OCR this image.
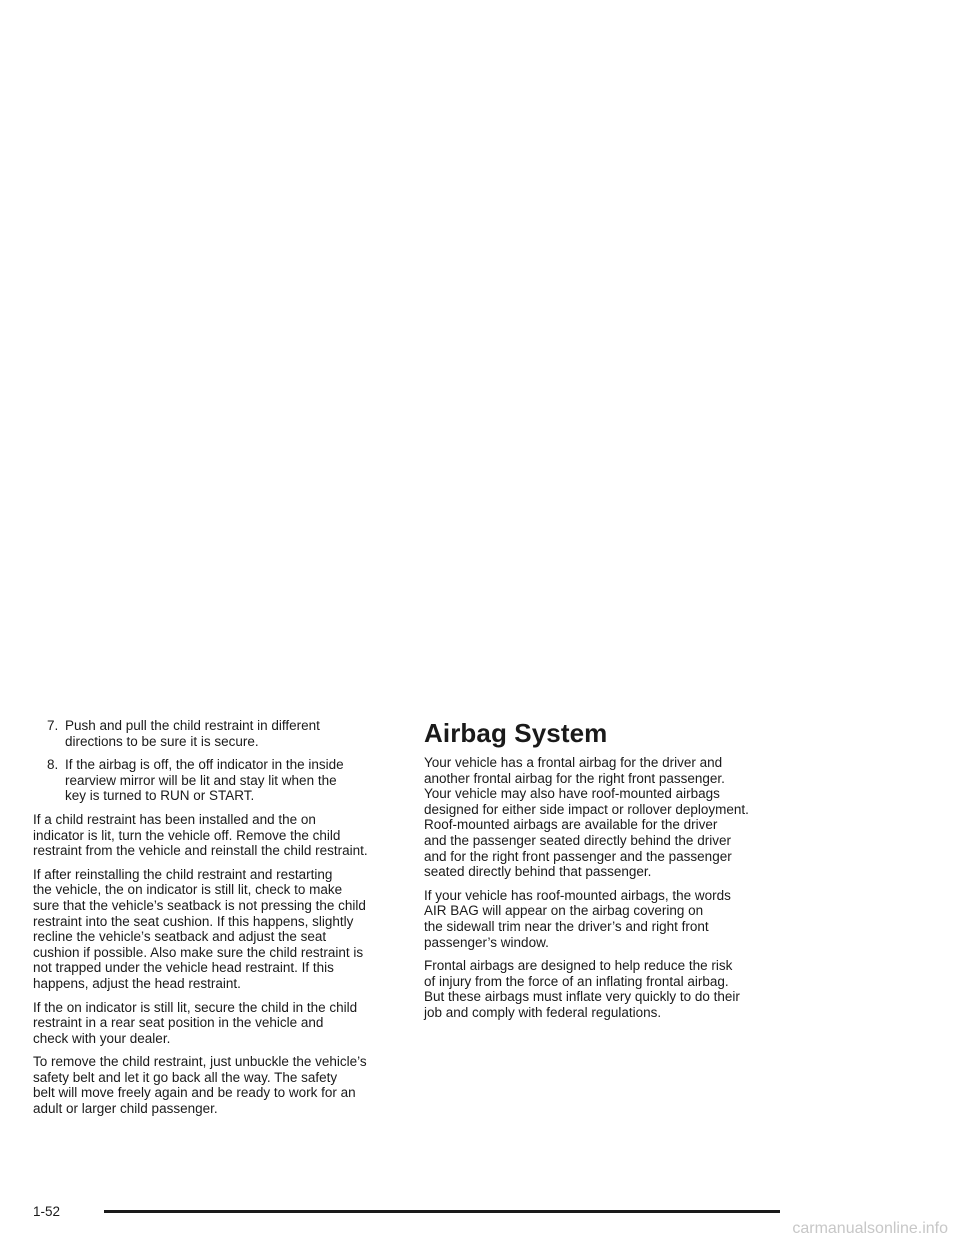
7. Push and pull the child restraint in different
directions to be sure it is secure.
8. If the airbag is off, the off indicator in the inside
rearview mirror will be lit and stay lit when the
key is turned to RUN or START.
If a child restraint has been installed and the on
indicator is lit, turn the vehicle off. Remove the child
restraint from the vehicle and reinstall the child restraint.
If after reinstalling the child restraint and restarting
the vehicle, the on indicator is still lit, check to make
sure that the vehicle’s seatback is not pressing the child
restraint into the seat cushion. If this happens, slightly
recline the vehicle’s seatback and adjust the seat
cushion if possible. Also make sure the child restraint is
not trapped under the vehicle head restraint. If this
happens, adjust the head restraint.
If the on indicator is still lit, secure the child in the child
restraint in a rear seat position in the vehicle and
check with your dealer.
To remove the child restraint, just unbuckle the vehicle’s
safety belt and let it go back all the way. The safety
belt will move freely again and be ready to work for an
adult or larger child passenger.
Airbag System
Your vehicle has a frontal airbag for the driver and
another frontal airbag for the right front passenger.
Your vehicle may also have roof-mounted airbags
designed for either side impact or rollover deployment.
Roof-mounted airbags are available for the driver
and the passenger seated directly behind the driver
and for the right front passenger and the passenger
seated directly behind that passenger.
If your vehicle has roof-mounted airbags, the words
AIR BAG will appear on the airbag covering on
the sidewall trim near the driver’s and right front
passenger’s window.
Frontal airbags are designed to help reduce the risk
of injury from the force of an inflating frontal airbag.
But these airbags must inflate very quickly to do their
job and comply with federal regulations.
1-52
carmanualsonline.info
